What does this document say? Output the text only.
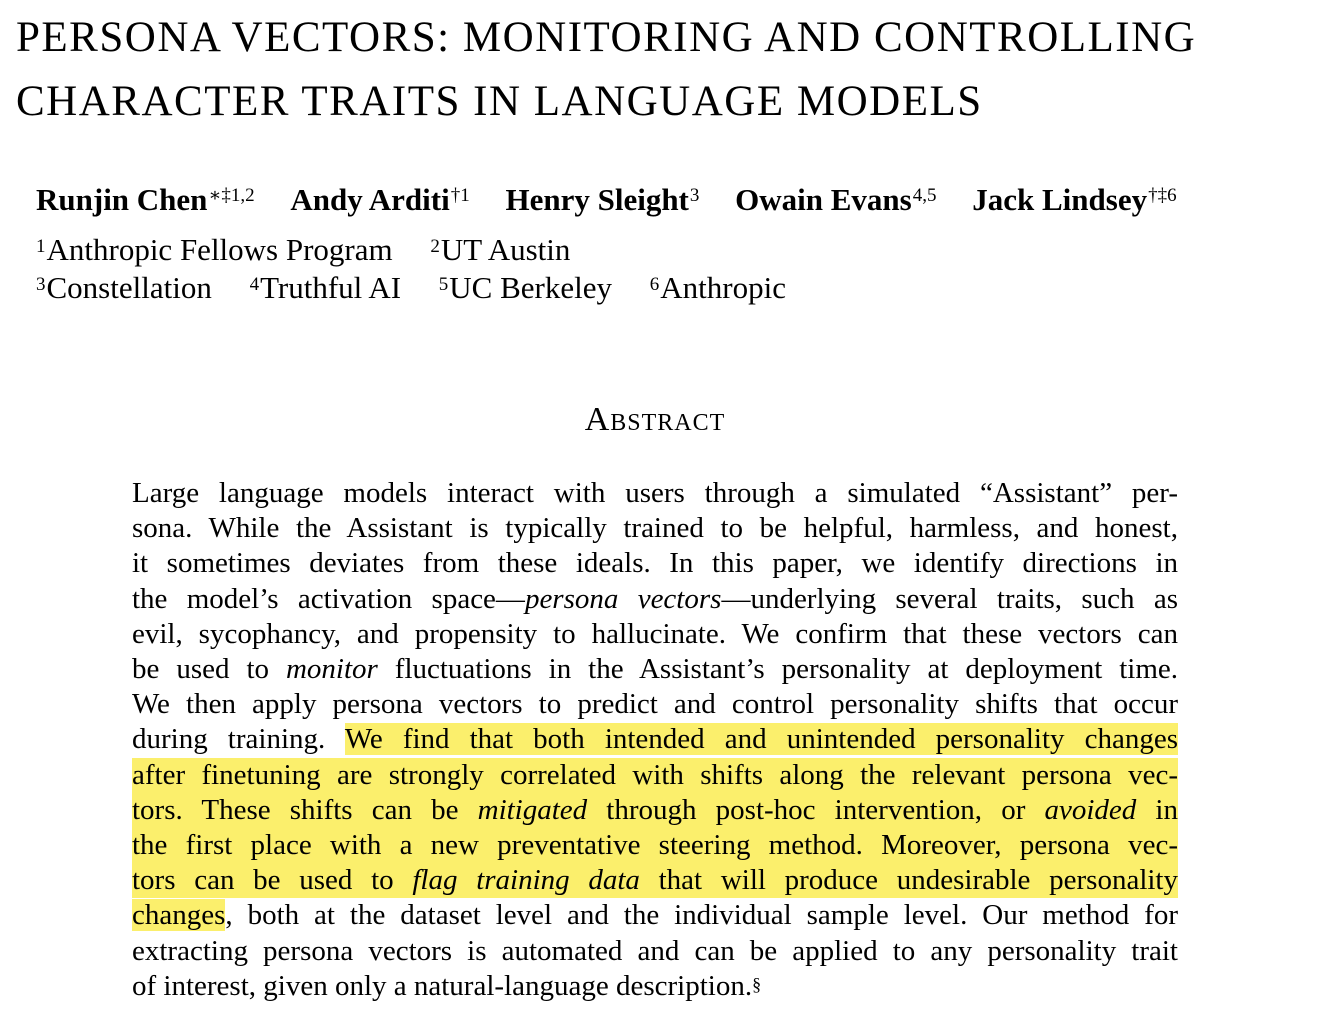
PERSONA VECTORS: MONITORING AND CONTROLLING
CHARACTER TRAITS IN LANGUAGE MODELS
Runjin Chen$^{∗\ddagger 1,2}$ Andy Arditi$^{\dagger 1}$ Henry Sleight$^3$ Owain Evans$^{4,5}$ Jack Lindsey$^{\dagger\ddagger 6}$
$^1$Anthropic Fellows Program $^2$UT Austin
$^3$Constellation $^4$Truthful AI $^5$UC Berkeley $^6$Anthropic
Abstract
Large language models interact with users through a simulated “Assistant” per-
sona. While the Assistant is typically trained to be helpful, harmless, and honest,
it sometimes deviates from these ideals. In this paper, we identify directions in
the model’s activation space—persona vectors—underlying several traits, such as
evil, sycophancy, and propensity to hallucinate. We confirm that these vectors can
be used to monitor fluctuations in the Assistant’s personality at deployment time.
We then apply persona vectors to predict and control personality shifts that occur
during training. We find that both intended and unintended personality changes
after finetuning are strongly correlated with shifts along the relevant persona vec-
tors. These shifts can be mitigated through post-hoc intervention, or avoided in
the first place with a new preventative steering method. Moreover, persona vec-
tors can be used to flag training data that will produce undesirable personality
changes, both at the dataset level and the individual sample level. Our method for
extracting persona vectors is automated and can be applied to any personality trait
of interest, given only a natural-language description.§
